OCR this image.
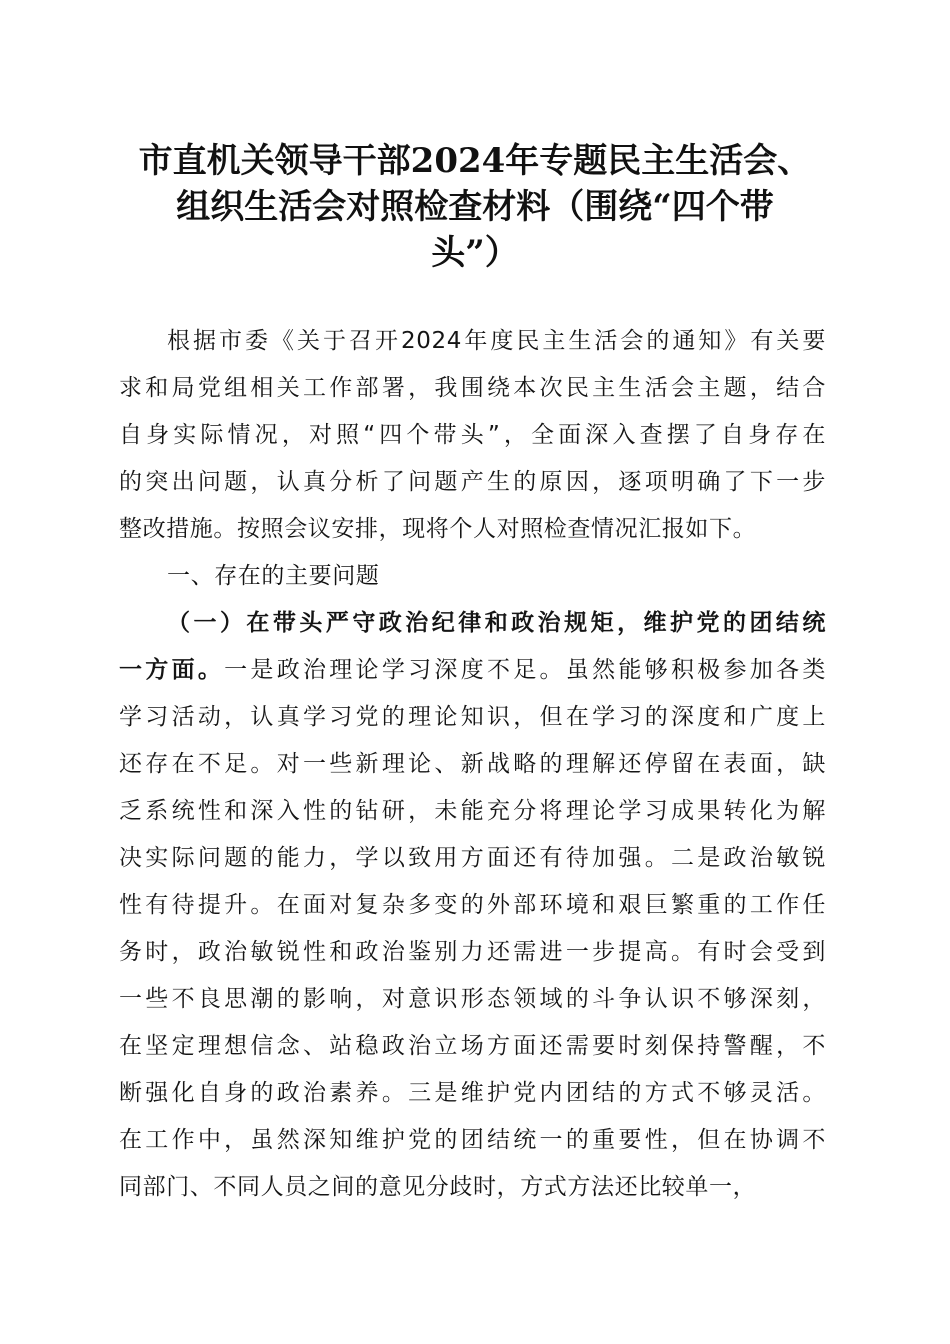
市直机关领导干部2024年专题民主生活会、
组织生活会对照检查材料（围绕“四个带
头”）
根据市委《关于召开2024年度民主生活会的通知》有关要
求和局党组相关工作部署，我围绕本次民主生活会主题，结合
自身实际情况，对照“四个带头”，全面深入查摆了自身存在
的突出问题，认真分析了问题产生的原因，逐项明确了下一步
整改措施。按照会议安排，现将个人对照检查情况汇报如下。
一、存在的主要问题
（一）在带头严守政治纪律和政治规矩，维护党的团结统
一方面。一是政治理论学习深度不足。虽然能够积极参加各类
学习活动，认真学习党的理论知识，但在学习的深度和广度上
还存在不足。对一些新理论、新战略的理解还停留在表面，缺
乏系统性和深入性的钻研，未能充分将理论学习成果转化为解
决实际问题的能力，学以致用方面还有待加强。二是政治敏锐
性有待提升。在面对复杂多变的外部环境和艰巨繁重的工作任
务时，政治敏锐性和政治鉴别力还需进一步提高。有时会受到
一些不良思潮的影响，对意识形态领域的斗争认识不够深刻，
在坚定理想信念、站稳政治立场方面还需要时刻保持警醒，不
断强化自身的政治素养。三是维护党内团结的方式不够灵活。
在工作中，虽然深知维护党的团结统一的重要性，但在协调不
同部门、不同人员之间的意见分歧时，方式方法还比较单一，
